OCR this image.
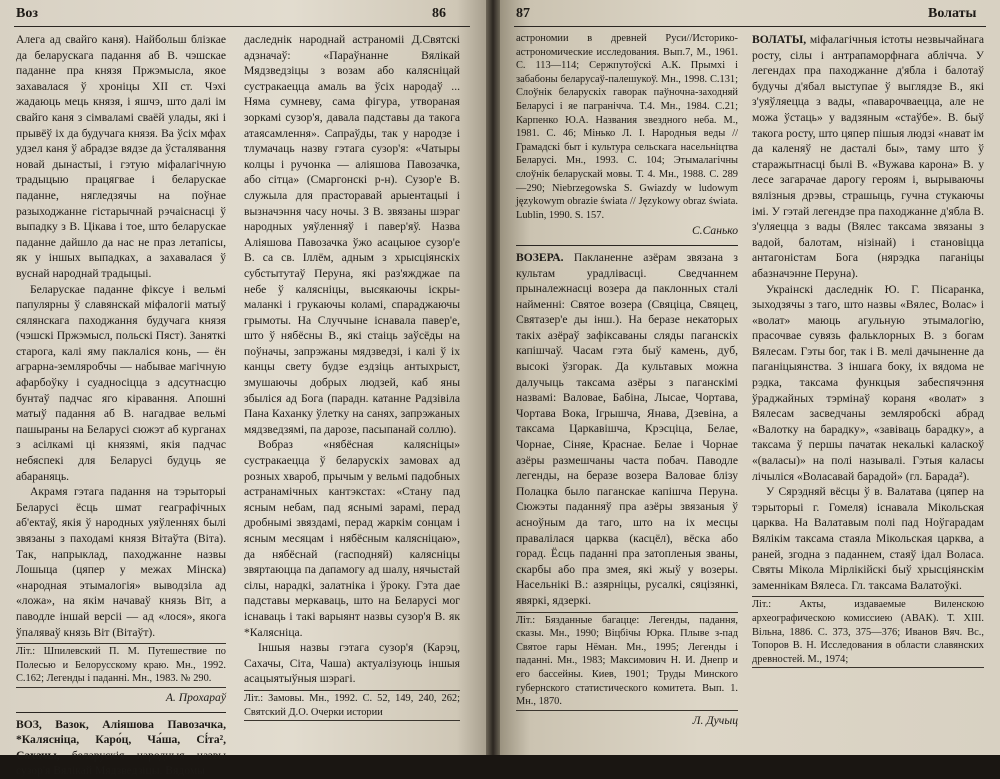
Воз	86

Алега ад свайго каня). Найбольш блізкае да беларускага падання аб В. чэшскае паданне пра князя Пржэмысла, якое захавалася ў хроніцы XII ст. Чэхі жадаюць мець князя, і яшчэ, што далі ім свайго каня з сімваламі сваёй улады, які і прывёў іх да будучага князя. Ва ўсіх мфах удзел каня ў абрадзе вядзе да ўсталявання новай дынастыі, і гэтую міфалагічную традыцыю працягвае і беларускае паданне, нягледзячы на поўнае разыходжанне гістарычнай рэчаіснасці ў выпадку з В. Цікава і тое, што беларускае паданне дайшло да нас не праз летапісы, як у іншых выпадках, а захавалася ў вуснай народнай традыцыі.

Беларускае паданне фіксуе і вельмі папулярны ў славянскай міфалогіі матыў сялянскага паходжання будучага князя (чэшскі Пржэмысл, польскі Пяст). Заняткі старога, калі яму паклаліся конь, — ён аграрна-земляробчы — набывае магічную афарбоўку і суадносіцца з адсутнасцю бунтаў падчас яго кіравання. Апошні матыў падання аб В. нагадвае вельмі пашыраны на Беларусі сюжэт аб курганах з асілкамі ці князямі, якія падчас небяспекі для Беларусі будуць яе абараняць.

Акрамя гэтага падання на тэрыторыі Беларусі ёсць шмат геаграфічных аб'ектаў, якія ў народных уяўленнях былі звязаны з паходамі князя Вітаўта (Віта). Так, напрыклад, паходжанне назвы Лошыца (цяпер у межах Мінска) «народная этымалогія» выводзіла ад «ложа», на якім начаваў князь Віт, а паводле іншай версіі — ад «лося», якога ўпаляваў князь Віт (Вітаўт).

Літ.: Шпилевский П. М. Путешествие по Полесью и Белорусскому краю. Мн., 1992. С.162; Легенды і паданні. Мн., 1983. № 290.
А. Прохараў

ВОЗ, Вазок, Аліяшова Павозачка, *Калясніца, Каро́ц, Ча́ша, Сі́та², Сахачы, беларускія народныя назвы сузор'я Вялікай Мядзведзіцы. Вядомы

даследнік народнай астраноміі Д.Святскі адзначаў: «Параўнанне Вялікай Мядзведзіцы з возам або калясніцай сустракаецца амаль ва ўсіх народаў ... Няма сумневу, сама фігура, утвораная зоркамі сузор'я, давала падставы да такога атаясамлення». Сапраўды, так у народзе і тлумачаць назву гэтага сузор'я: «Чатыры колцы і ручонка — аліяшова Павозачка, або сітца» (Смаргонскі р-н). Сузор'е В. служыла для прасторавай арыентацыі і вызначэння часу ночы. З В. звязаны шэраг народных уяўленняў і павер'яў. Назва Аліяшова Павозачка ўжо асацыюе сузор'е В. са св. Іллём, адным з хрысціянскіх субстытутаў Перуна, які раз'яжджае па небе ў калясніцы, высякаючы іскры-маланкі і грукаючы коламі, спараджаючы грымоты. На Случчыне існавала павер'е, што ў нябёсны В., які стаіць заўсёды на поўначы, запрэжаны мядзведзі, і калі ў іх канцы свету будзе ездзіць антыхрыст, змушаючы добрых людзей, каб яны збыліся ад Бога (парадн. катанне Радзівіла Пана Каханку ўлетку на санях, запрэжаных мядзведзямі, па дарозе, пасыпанай соллю).

Вобраз «нябёсная калясніцы» сустракаецца ў беларускіх замовах ад розных хвароб, прычым у вельмі падобных астранамічных кантэкстах: «Стану пад ясным небам, пад яснымі зарамі, перад дробнымі звяздамі, перад жаркім сонцам і ясным месяцам і нябёсным калясніцаю», да нябёснай (гасподняй) калясніцы звяртаюцца па дапамогу ад шалу, нячыстай сілы, нарадкі, залатніка і ўроку. Гэта дае падставы меркаваць, што на Беларусі мог існаваць і такі варыянт назвы сузор'я В. як *Калясніца.

Іншыя назвы гэтага сузор'я (Карэц, Сахачы, Сіта, Чаша) актуалізуюць іншыя асацыятыўныя шэрагі.

Літ.: Замовы. Мн., 1992. С. 52, 149, 240, 262; Святский Д.О. Очерки истории
87	Волаты

астрономии в древней Руси//Историко-астрономические исследования. Вып.7, М., 1961. С. 113—114; Сержпутоўскі А.К. Прымхі і забабоны беларусаў-палешукоў. Мн., 1998. С.131; Слоўнік беларускіх гаворак паўночна-заходняй Беларусі і яе пагранічча. Т.4. Мн., 1984. С.21; Карпенко Ю.А. Названия звездного неба. М., 1981. С. 46; Мінько Л. І. Народныя веды // Грамадскі быт і культура сельскага насельніцтва Беларусі. Мн., 1993. С. 104; Этымалагічны слоўнік беларускай мовы. Т. 4. Мн., 1988. С. 289—290; Niebrzegowska S. Gwiazdy w ludowym językowym obrazie świata // Językowy obraz świata. Lublin, 1990. S. 157.

С.Санько

ВОЗЕРА. Пакланенне азёрам звязана з культам урадлівасці. Сведчаннем прыналежнасці возера да паклонных сталі найменні: Святое возера (Свяціца, Свяцец, Святазер'е ды інш.). На беразе некаторых такіх азёраў зафіксаваны сляды паганскіх капішчаў. Часам гэта быў камень, дуб, высокі ўзгорак. Да культавых можна далучыць таксама азёры з паганскімі назвамі: Валовае, Бабіна, Лысае, Чортава, Чортава Вока, Ігрышча, Янава, Дзевіна, а таксама Царкавішча, Крэсціца, Белае, Чорнае, Сіняе, Краснае. Белае і Чорнае азёры размешчаны часта побач. Паводле легенды, на беразе возера Валовае блізу Полацка было паганскае капішча Перуна. Сюжэты паданняў пра азёры звязаныя ў асноўным да таго, што на іх месцы правалілася царква (касцёл), вёска або горад. Ёсць паданні пра затопленыя званы, скарбы або пра змея, які жыў у возеры. Насельнікі В.: азярніцы, русалкі, сяцізянкі, явяркі, ядзеркі.

Літ.: Бязданные багацце: Легенды, падання, сказы. Мн., 1990; Віцбічы Юрка. Плыве з-пад Святое гары Нёман. Мн., 1995; Легенды і паданні. Мн., 1983; Максимович Н. И. Днепр и его бассейны. Киев, 1901; Труды Минского губернского статистического комитета. Вып. 1. Мн., 1870.
Л. Дучыц

ВОЛАТЫ, міфалагічныя істоты незвычайнага росту, сілы і антрапаморфнага аблічча. У легендах пра паходжанне д'ябла і балотаў будучы д'ябал выступае ў выглядзе В., які з'уяўляецца з вады, «паварочваецца, але не можа ўстаць» у вадзяным «стаўбе». В. быў такога росту, што цяпер пішыя людзі «нават ім да каленяў не дасталі бы», таму што ў старажытнасці былі В. «Вужава карона» В. у лесе загарачае дарогу героям і, вырываючы вялізныя дрэвы, страшыць, гучна стукаючы імі. У гэтай легендзе пра паходжанне д'ябла В. з'уляецца з вады (Вялес таксама звязаны з вадой, балотам, нізінай) і становіцца антагоністам Бога (нярэдка паганіцы абазначэнне Перуна).

Украінскі даследнік Ю. Г. Пісаранка, зыходзячы з таго, што назвы «Вялес, Волас» і «волат» маюць агульную этымалогію, прасочвае сувязь фальклорных В. з богам Вялесам. Гэты бог, так і В. мелі дачыненне да паганіцыянства. З іншага боку, іх вядома не рэдка, таксама функцыя забеспячэння ўраджайных тэрмінаў кораня «волат» з Вялесам засведчаны земляробскі абрад «Валотку на барадку», «завіваць барадку», а таксама ў першы пачатак некалькі каласкоў «(валасы)» на полі называлі. Гэтыя каласы лічыліся «Воласавай барадой» (гл. Барада²).

У Сярэдняй вёсцы ў в. Валатава (цяпер на тэрыторыі г. Гомеля) існавала Мікольская царква. На Валатавым полі пад Ноўгарадам Вялікім таксама стаяла Мікольская царква, а раней, згодна з паданнем, стаяў ідал Воласа. Святы Мікола Мірлікійскі быў хрысціянскім заменнікам Вялеса. Гл. таксама Валатоўкі.

Літ.: Акты, издаваемые Виленскою археографическою комиссиею (АВАК). Т. XIII. Вільна, 1886. С. 373, 375—376; Иванов Вяч. Вс., Топоров В. Н. Исследования в области славянских древностей. М., 1974;
